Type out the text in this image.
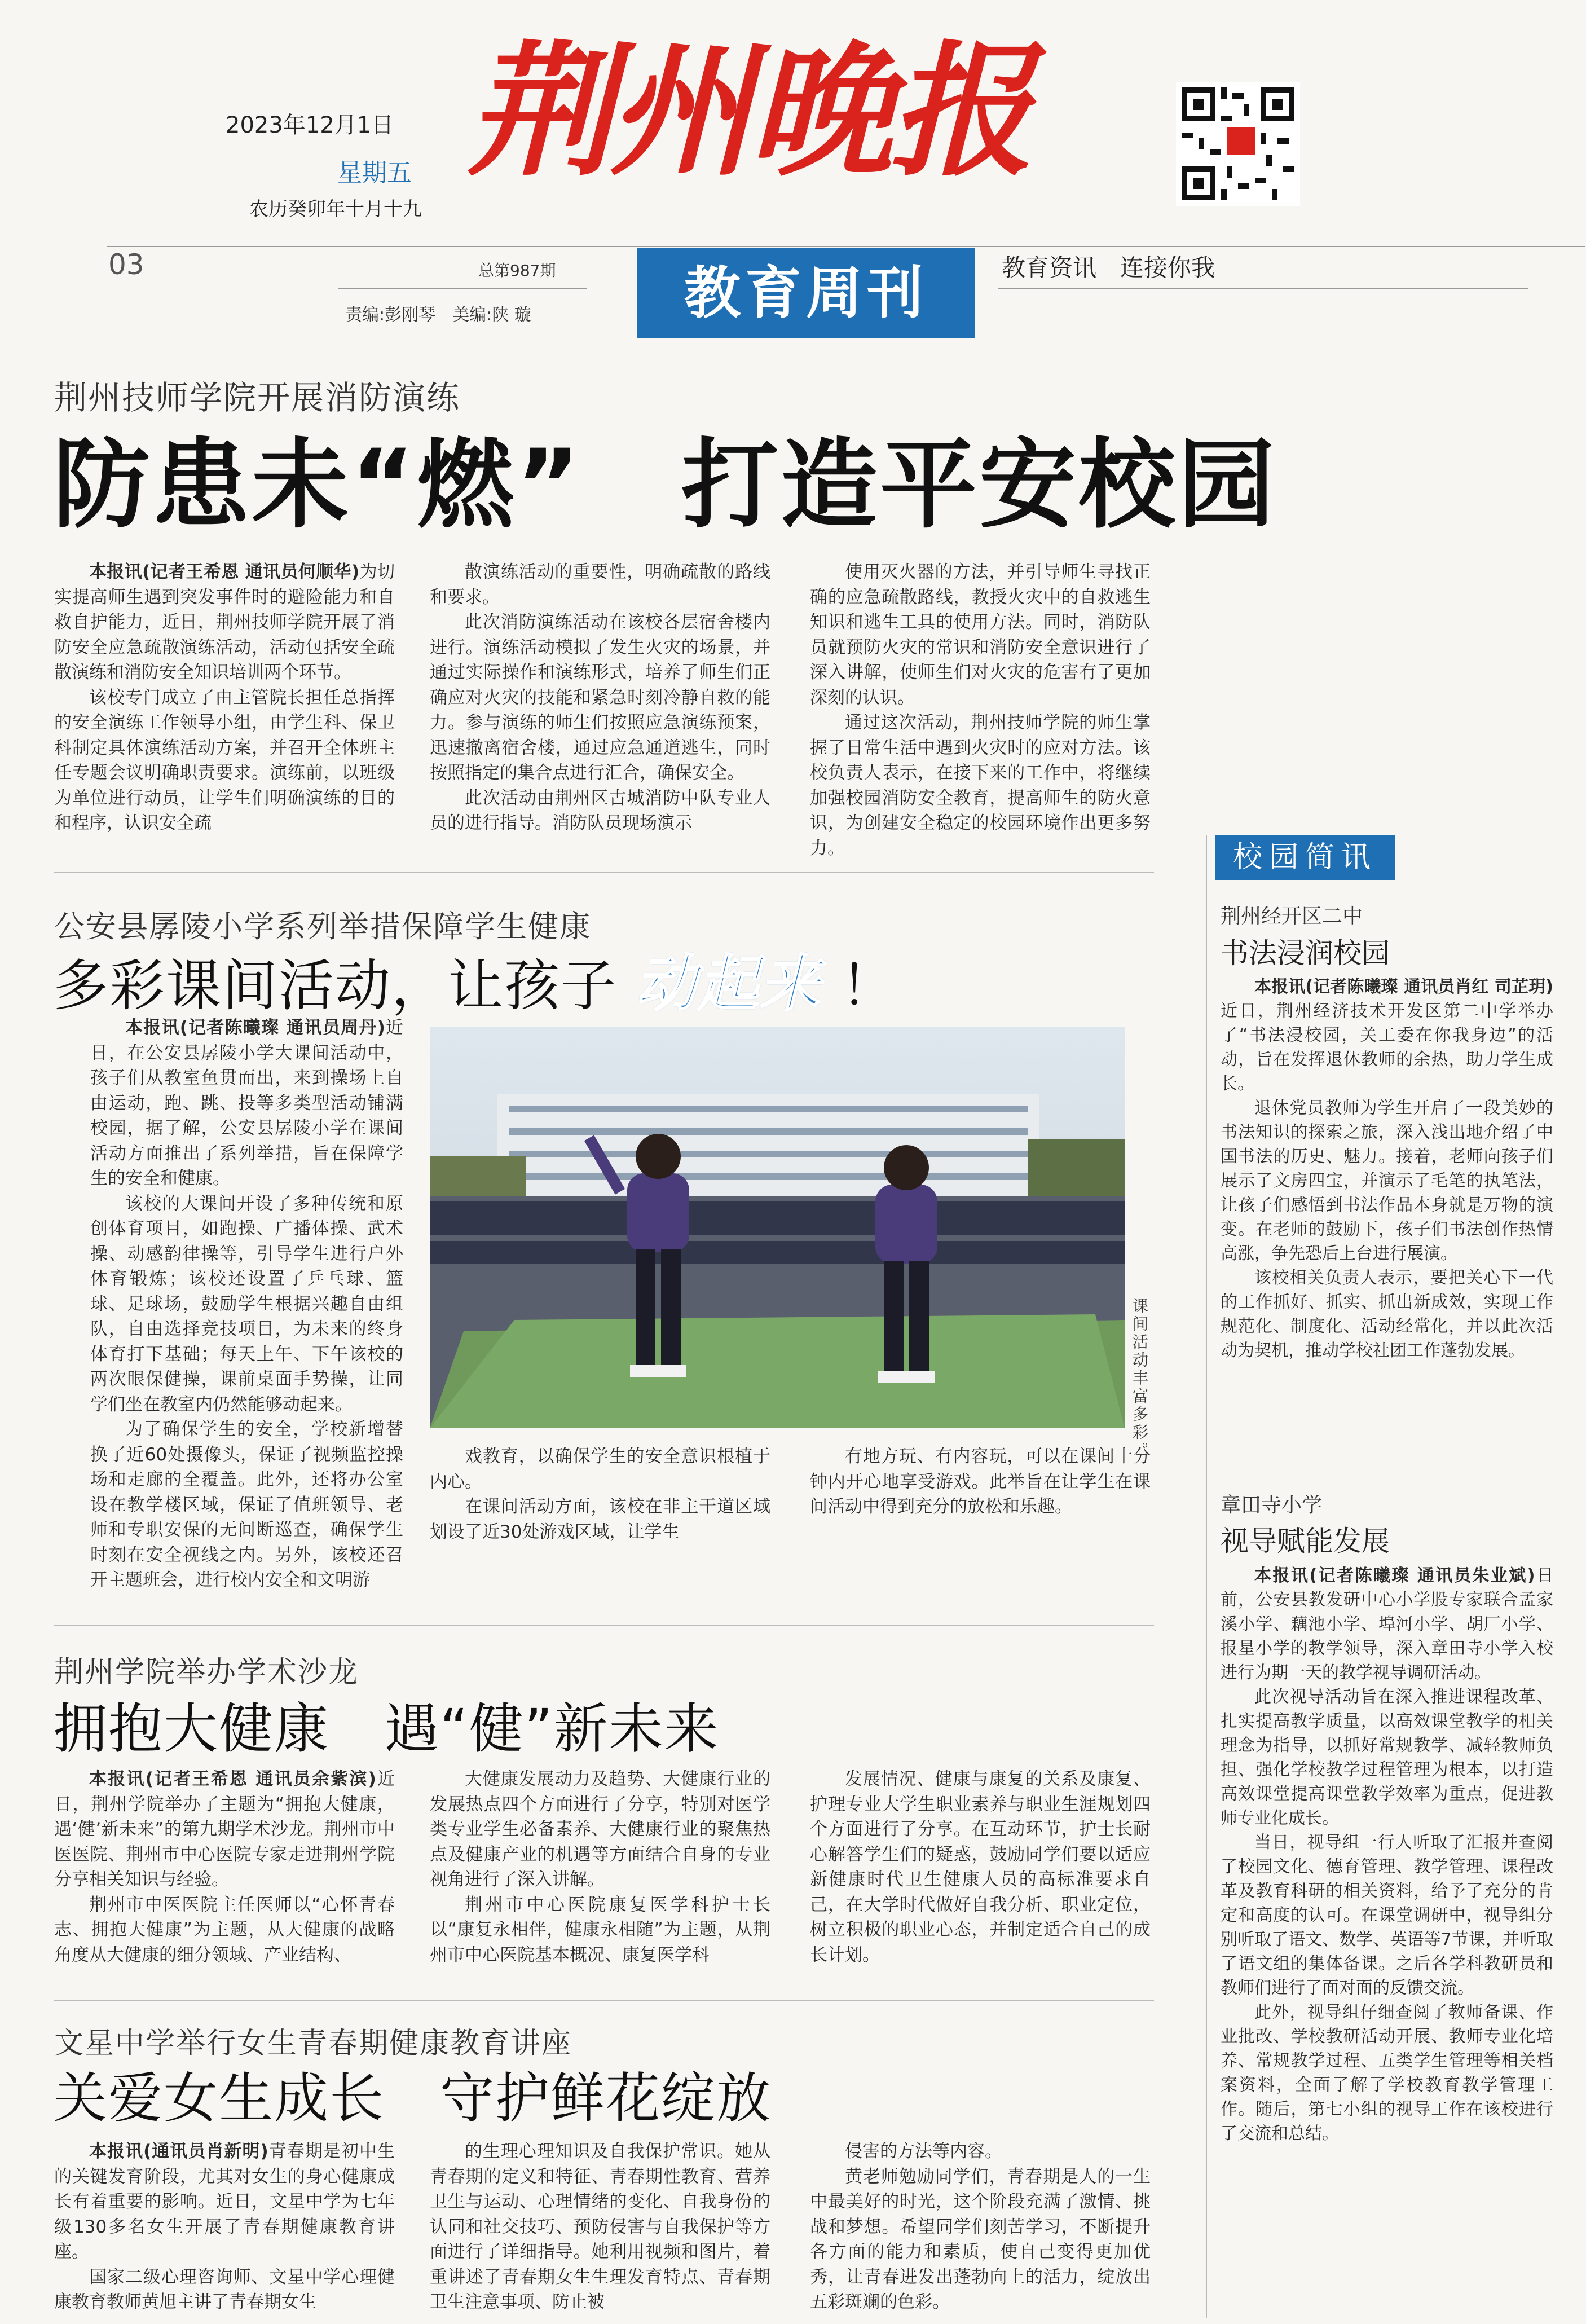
2023年12月1日
星期五
农历癸卯年十月十九
荆州晚报
03	总第987期
责编:彭刚琴　美编:陕 璇	教育周刊	教育资讯　连接你我
荆州技师学院开展消防演练
防患未“燃”　打造平安校园

本报讯(记者王希恩 通讯员何顺华)为切实提高师生遇到突发事件时的避险能力和自救自护能力，近日，荆州技师学院开展了消防安全应急疏散演练活动，活动包括安全疏散演练和消防安全知识培训两个环节。

该校专门成立了由主管院长担任总指挥的安全演练工作领导小组，由学生科、保卫科制定具体演练活动方案，并召开全体班主任专题会议明确职责要求。演练前，以班级为单位进行动员，让学生们明确演练的目的和程序，认识安全疏

散演练活动的重要性，明确疏散的路线和要求。

此次消防演练活动在该校各层宿舍楼内进行。演练活动模拟了发生火灾的场景，并通过实际操作和演练形式，培养了师生们正确应对火灾的技能和紧急时刻冷静自救的能力。参与演练的师生们按照应急演练预案，迅速撤离宿舍楼，通过应急通道逃生，同时按照指定的集合点进行汇合，确保安全。

此次活动由荆州区古城消防中队专业人员的进行指导。消防队员现场演示

使用灭火器的方法，并引导师生寻找正确的应急疏散路线，教授火灾中的自救逃生知识和逃生工具的使用方法。同时，消防队员就预防火灾的常识和消防安全意识进行了深入讲解，使师生们对火灾的危害有了更加深刻的认识。

通过这次活动，荆州技师学院的师生掌握了日常生活中遇到火灾时的应对方法。该校负责人表示，在接下来的工作中，将继续加强校园消防安全教育，提高师生的防火意识，为创建安全稳定的校园环境作出更多努力。

公安县孱陵小学系列举措保障学生健康
多彩课间活动，让孩子 动起来 ！

本报讯(记者陈曦璨 通讯员周丹)近日，在公安县孱陵小学大课间活动中，孩子们从教室鱼贯而出，来到操场上自由运动，跑、跳、投等多类型活动铺满校园，据了解，公安县孱陵小学在课间活动方面推出了系列举措，旨在保障学生的安全和健康。

该校的大课间开设了多种传统和原创体育项目，如跑操、广播体操、武术操、动感韵律操等，引导学生进行户外体育锻炼；该校还设置了乒乓球、篮球、足球场，鼓励学生根据兴趣自由组队，自由选择竞技项目，为未来的终身体育打下基础；每天上午、下午该校的两次眼保健操，课前桌面手势操，让同学们坐在教室内仍然能够动起来。

为了确保学生的安全，学校新增替换了近60处摄像头，保证了视频监控操场和走廊的全覆盖。此外，还将办公室设在教学楼区域，保证了值班领导、老师和专职安保的无间断巡查，确保学生时刻在安全视线之内。另外，该校还召开主题班会，进行校内安全和文明游

课间活动丰富多彩。

戏教育，以确保学生的安全意识根植于内心。

在课间活动方面，该校在非主干道区域划设了近30处游戏区域，让学生

有地方玩、有内容玩，可以在课间十分钟内开心地享受游戏。此举旨在让学生在课间活动中得到充分的放松和乐趣。

荆州学院举办学术沙龙
拥抱大健康　遇“健”新未来

本报讯(记者王希恩 通讯员余紫滨)近日，荆州学院举办了主题为“拥抱大健康，遇‘健’新未来”的第九期学术沙龙。荆州市中医医院、荆州市中心医院专家走进荆州学院分享相关知识与经验。

荆州市中医医院主任医师以“心怀青春志、拥抱大健康”为主题，从大健康的战略角度从大健康的细分领域、产业结构、

大健康发展动力及趋势、大健康行业的发展热点四个方面进行了分享，特别对医学类专业学生必备素养、大健康行业的聚焦热点及健康产业的机遇等方面结合自身的专业视角进行了深入讲解。

荆州市中心医院康复医学科护士长以“康复永相伴，健康永相随”为主题，从荆州市中心医院基本概况、康复医学科

发展情况、健康与康复的关系及康复、护理专业大学生职业素养与职业生涯规划四个方面进行了分享。在互动环节，护士长耐心解答学生们的疑惑，鼓励同学们要以适应新健康时代卫生健康人员的高标准要求自己，在大学时代做好自我分析、职业定位，树立积极的职业心态，并制定适合自己的成长计划。

文星中学举行女生青春期健康教育讲座
关爱女生成长　守护鲜花绽放

本报讯(通讯员肖新明)青春期是初中生的关键发育阶段，尤其对女生的身心健康成长有着重要的影响。近日，文星中学为七年级130多名女生开展了青春期健康教育讲座。

国家二级心理咨询师、文星中学心理健康教育教师黄旭主讲了青春期女生

的生理心理知识及自我保护常识。她从青春期的定义和特征、青春期性教育、营养卫生与运动、心理情绪的变化、自我身份的认同和社交技巧、预防侵害与自我保护等方面进行了详细指导。她利用视频和图片，着重讲述了青春期女生生理发育特点、青春期卫生注意事项、防止被

侵害的方法等内容。

黄老师勉励同学们，青春期是人的一生中最美好的时光，这个阶段充满了激情、挑战和梦想。希望同学们刻苦学习，不断提升各方面的能力和素质，使自己变得更加优秀，让青春进发出蓬勃向上的活力，绽放出五彩斑斓的色彩。

校园简讯
荆州经开区二中
书法浸润校园

本报讯(记者陈曦璨 通讯员肖红 司芷玥)近日，荆州经济技术开发区第二中学举办了“书法浸校园，关工委在你我身边”的活动，旨在发挥退休教师的余热，助力学生成长。

退休党员教师为学生开启了一段美妙的书法知识的探索之旅，深入浅出地介绍了中国书法的历史、魅力。接着，老师向孩子们展示了文房四宝，并演示了毛笔的执笔法，让孩子们感悟到书法作品本身就是万物的演变。在老师的鼓励下，孩子们书法创作热情高涨，争先恐后上台进行展演。

该校相关负责人表示，要把关心下一代的工作抓好、抓实、抓出新成效，实现工作规范化、制度化、活动经常化，并以此次活动为契机，推动学校社团工作蓬勃发展。

章田寺小学
视导赋能发展

本报讯(记者陈曦璨 通讯员朱业斌)日前，公安县教发研中心小学股专家联合孟家溪小学、藕池小学、埠河小学、胡厂小学、报星小学的教学领导，深入章田寺小学入校进行为期一天的教学视导调研活动。

此次视导活动旨在深入推进课程改革、扎实提高教学质量，以高效课堂教学的相关理念为指导，以抓好常规教学、减轻教师负担、强化学校教学过程管理为根本，以打造高效课堂提高课堂教学效率为重点，促进教师专业化成长。

当日，视导组一行人听取了汇报并查阅了校园文化、德育管理、教学管理、课程改革及教育科研的相关资料，给予了充分的肯定和高度的认可。在课堂调研中，视导组分别听取了语文、数学、英语等7节课，并听取了语文组的集体备课。之后各学科教研员和教师们进行了面对面的反馈交流。

此外，视导组仔细查阅了教师备课、作业批改、学校教研活动开展、教师专业化培养、常规教学过程、五类学生管理等相关档案资料，全面了解了学校教育教学管理工作。随后，第七小组的视导工作在该校进行了交流和总结。
